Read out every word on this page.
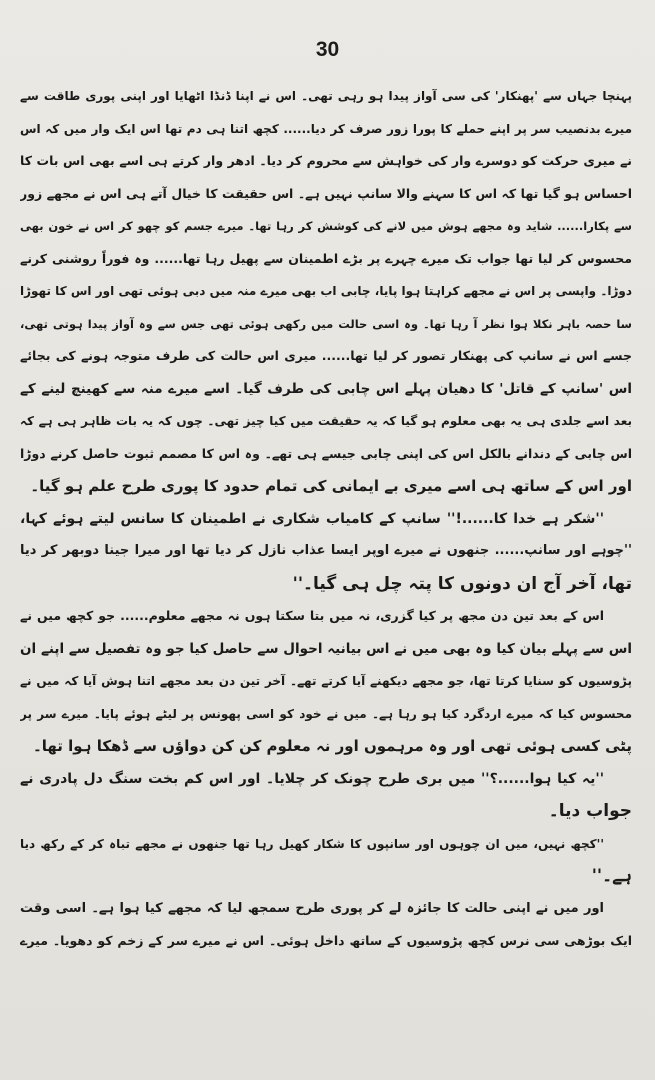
30
پہنچا جہاں سے 'پھنکار' کی سی آواز پیدا ہو رہی تھی۔ اس نے اپنا ڈنڈا اٹھایا اور اپنی پوری طاقت سے
میرے بدنصیب سر پر اپنے حملے کا پورا زور صرف کر دیا...... کچھ اتنا ہی دم تھا اس ایک وار میں کہ اس
نے میری حرکت کو دوسرے وار کی خواہش سے محروم کر دیا۔ ادھر وار کرتے ہی اسے بھی اس بات کا
احساس ہو گیا تھا کہ اس کا سہنے والا سانپ نہیں ہے۔ اس حقیقت کا خیال آتے ہی اس نے مجھے زور
سے پکارا...... شاید وہ مجھے ہوش میں لانے کی کوشش کر رہا تھا۔ میرے جسم کو چھو کر اس نے خون بھی
محسوس کر لیا تھا جواب تک میرے چہرے پر بڑے اطمینان سے پھیل رہا تھا...... وہ فوراً روشنی کرنے
دوڑا۔ واپسی پر اس نے مجھے کراہتا ہوا پایا، چابی اب بھی میرے منہ میں دبی ہوئی تھی اور اس کا تھوڑا
سا حصہ باہر نکلا ہوا نظر آ رہا تھا۔ وہ اسی حالت میں رکھی ہوئی تھی جس سے وہ آواز پیدا ہوتی تھی،
جسے اس نے سانپ کی پھنکار تصور کر لیا تھا...... میری اس حالت کی طرف متوجہ ہونے کی بجائے
اس 'سانپ کے قاتل' کا دھیان پہلے اس چابی کی طرف گیا۔ اسے میرے منہ سے کھینچ لینے کے
بعد اسے جلدی ہی یہ بھی معلوم ہو گیا کہ یہ حقیقت میں کیا چیز تھی۔ چوں کہ یہ بات ظاہر ہی ہے کہ
اس چابی کے دندانے بالکل اس کی اپنی چابی جیسے ہی تھے۔ وہ اس کا مصمم ثبوت حاصل کرنے دوڑا
اور اس کے ساتھ ہی اسے میری بے ایمانی کی تمام حدود کا پوری طرح علم ہو گیا۔
''شکر ہے خدا کا......!'' سانپ کے کامیاب شکاری نے اطمینان کا سانس لیتے ہوئے کہا،
''چوہے اور سانپ...... جنھوں نے میرے اوپر ایسا عذاب نازل کر دیا تھا اور میرا جینا دوبھر کر دیا
تھا، آخر آج ان دونوں کا پتہ چل ہی گیا۔''
اس کے بعد تین دن مجھ پر کیا گزری، نہ میں بتا سکتا ہوں نہ مجھے معلوم...... جو کچھ میں نے
اس سے پہلے بیان کیا وہ بھی میں نے اس بیانیہ احوال سے حاصل کیا جو وہ تفصیل سے اپنے ان
پڑوسیوں کو سنایا کرتا تھا، جو مجھے دیکھنے آیا کرتے تھے۔ آخر تین دن بعد مجھے اتنا ہوش آیا کہ میں نے
محسوس کیا کہ میرے اردگرد کیا ہو رہا ہے۔ میں نے خود کو اسی پھونس پر لیٹے ہوئے پایا۔ میرے سر پر
پٹی کسی ہوئی تھی اور وہ مرہموں اور نہ معلوم کن کن دواؤں سے ڈھکا ہوا تھا۔
''یہ کیا ہوا......؟'' میں بری طرح چونک کر چلایا۔ اور اس کم بخت سنگ دل پادری نے
جواب دیا۔
''کچھ نہیں، میں ان چوہوں اور سانپوں کا شکار کھیل رہا تھا جنھوں نے مجھے تباہ کر کے رکھ دیا
ہے۔''
اور میں نے اپنی حالت کا جائزہ لے کر پوری طرح سمجھ لیا کہ مجھے کیا ہوا ہے۔ اسی وقت
ایک بوڑھی سی نرس کچھ پڑوسیوں کے ساتھ داخل ہوئی۔ اس نے میرے سر کے زخم کو دھویا۔ میرے
